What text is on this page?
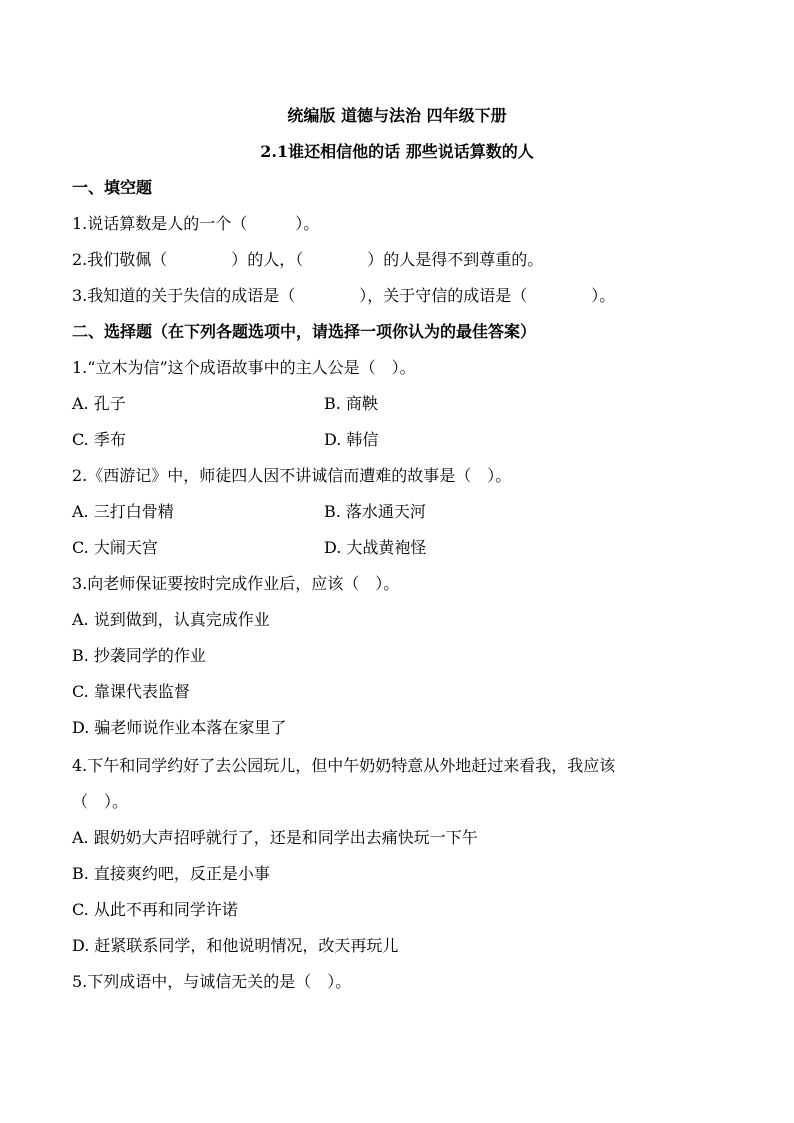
统编版 道德与法治 四年级下册
2.1谁还相信他的话 那些说话算数的人
一、填空题
1.说话算数是人的一个（　　　）。
2.我们敬佩（　　　　）的人，（　　　　）的人是得不到尊重的。
3.我知道的关于失信的成语是（　　　　），关于守信的成语是（　　　　）。
二、选择题（在下列各题选项中，请选择一项你认为的最佳答案）
1.“立木为信”这个成语故事中的主人公是（　）。
A. 孔子	B. 商鞅
C. 季布	D. 韩信
2.《西游记》中，师徒四人因不讲诚信而遭难的故事是（　）。
A. 三打白骨精	B. 落水通天河
C. 大闹天宫	D. 大战黄袍怪
3.向老师保证要按时完成作业后，应该（　）。
A. 说到做到，认真完成作业
B. 抄袭同学的作业
C. 靠课代表监督
D. 骗老师说作业本落在家里了
4.下午和同学约好了去公园玩儿，但中午奶奶特意从外地赶过来看我，我应该
（　）。
A. 跟奶奶大声招呼就行了，还是和同学出去痛快玩一下午
B. 直接爽约吧，反正是小事
C. 从此不再和同学许诺
D. 赶紧联系同学，和他说明情况，改天再玩儿
5.下列成语中，与诚信无关的是（　）。
